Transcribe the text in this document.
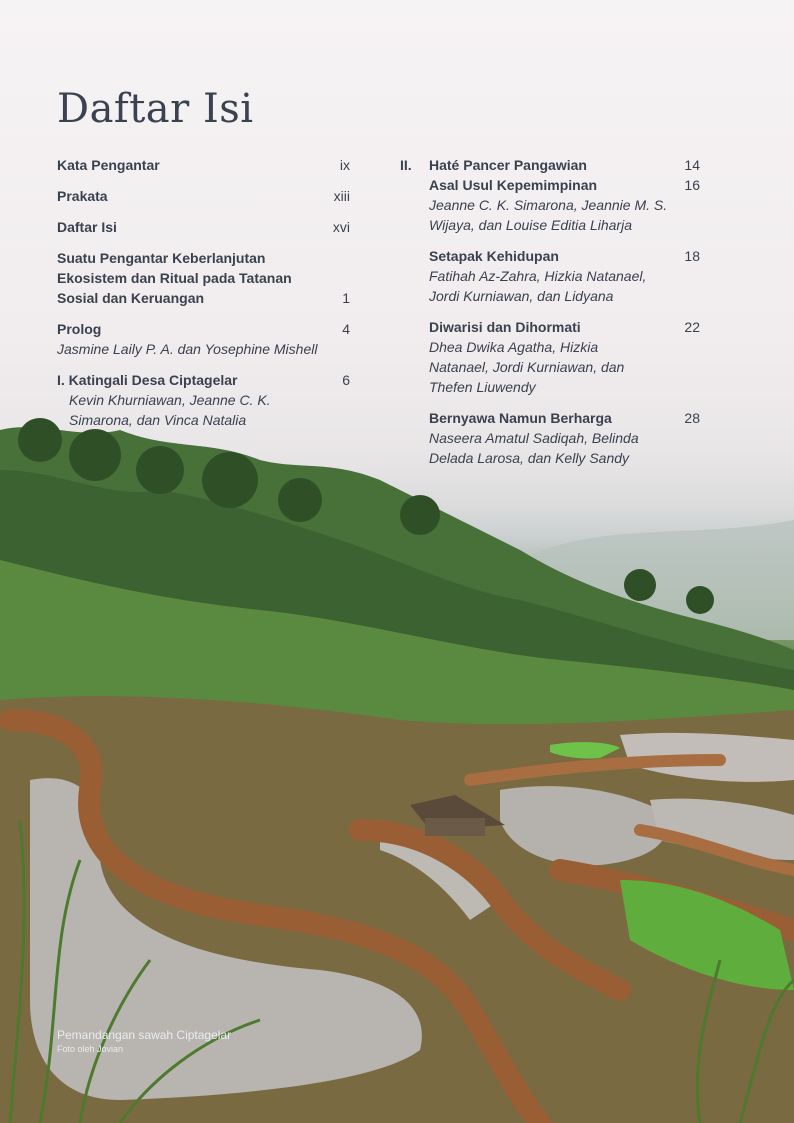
Daftar Isi
Kata Pengantar	ix
Prakata	xiii
Daftar Isi	xvi
Suatu Pengantar Keberlanjutan
Ekosistem dan Ritual pada Tatanan
Sosial dan Keruangan	1
Prolog	4
Jasmine Laily P. A. dan Yosephine Mishell
I. Katingali Desa Ciptagelar	6
Kevin Khurniawan, Jeanne C. K.
Simarona, dan Vinca Natalia
II. Haté Pancer Pangawian	14
Asal Usul Kepemimpinan	16
Jeanne C. K. Simarona, Jeannie M. S.
Wijaya, dan Louise Editia Liharja
Setapak Kehidupan	18
Fatihah Az-Zahra, Hizkia Natanael,
Jordi Kurniawan, dan Lidyana
Diwarisi dan Dihormati	22
Dhea Dwika Agatha, Hizkia
Natanael, Jordi Kurniawan, dan
Thefen Liuwendy
Bernyawa Namun Berharga	28
Naseera Amatul Sadiqah, Belinda
Delada Larosa, dan Kelly Sandy
Pemandangan sawah Ciptagelar
Foto oleh Jovian
